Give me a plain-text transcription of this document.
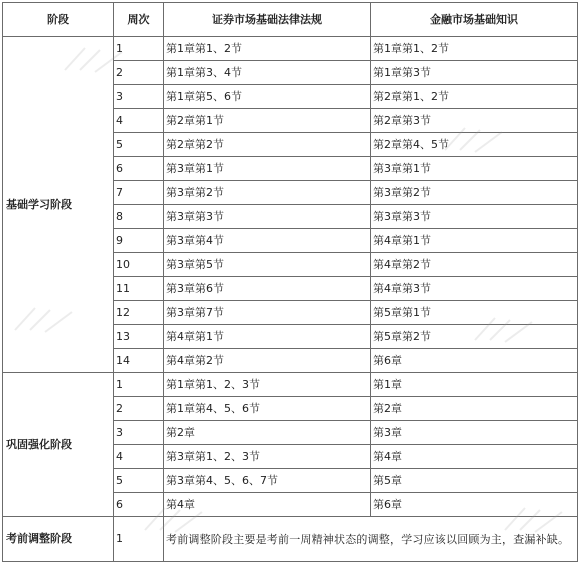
阶段	周次	证券市场基础法律法规	金融市场基础知识
基础学习阶段	1	第1章第1、2节	第1章第1、2节
	2	第1章第3、4节	第1章第3节
	3	第1章第5、6节	第2章第1、2节
	4	第2章第1节	第2章第3节
	5	第2章第2节	第2章第4、5节
	6	第3章第1节	第3章第1节
	7	第3章第2节	第3章第2节
	8	第3章第3节	第3章第3节
	9	第3章第4节	第4章第1节
	10	第3章第5节	第4章第2节
	11	第3章第6节	第4章第3节
	12	第3章第7节	第5章第1节
	13	第4章第1节	第5章第2节
	14	第4章第2节	第6章
巩固强化阶段	1	第1章第1、2、3节	第1章
	2	第1章第4、5、6节	第2章
	3	第2章	第3章
	4	第3章第1、2、3节	第4章
	5	第3章第4、5、6、7节	第5章
	6	第4章	第6章
考前调整阶段	1	考前调整阶段主要是考前一周精神状态的调整，学习应该以回顾为主，查漏补缺。	
